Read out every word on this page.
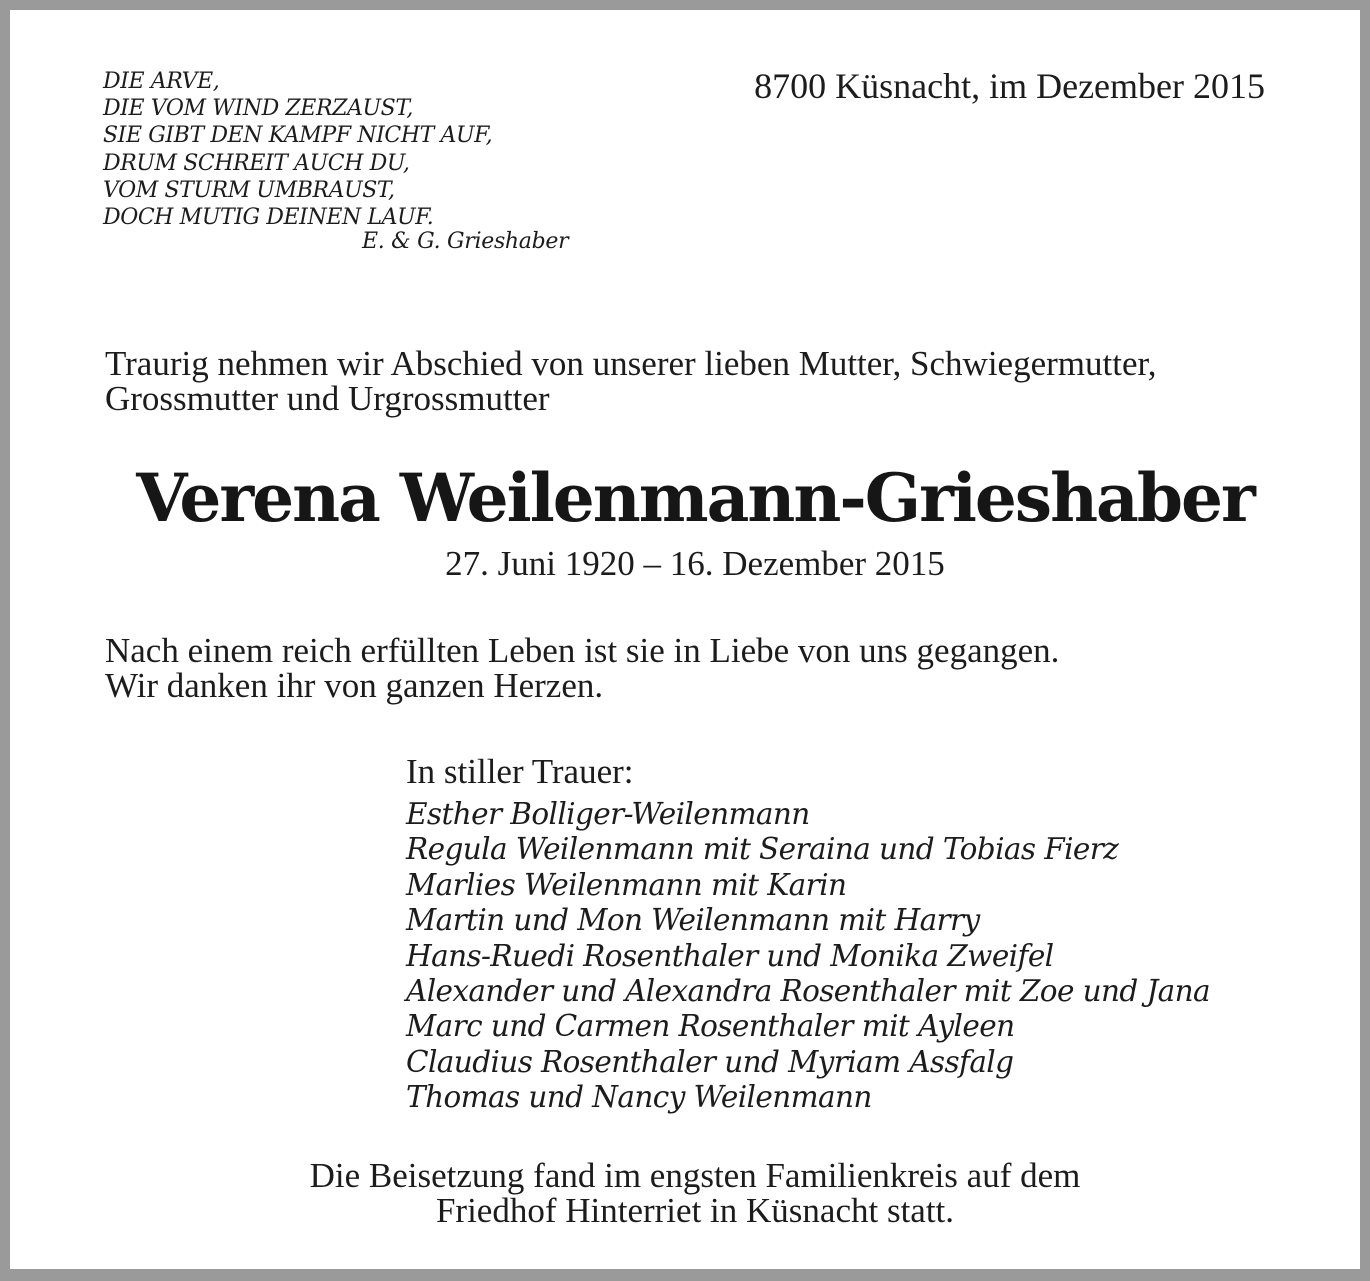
DIE ARVE,
DIE VOM WIND ZERZAUST,
SIE GIBT DEN KAMPF NICHT AUF,
DRUM SCHREIT AUCH DU,
VOM STURM UMBRAUST,
DOCH MUTIG DEINEN LAUF.
E. & G. Grieshaber
8700 Küsnacht, im Dezember 2015
Traurig nehmen wir Abschied von unserer lieben Mutter, Schwiegermutter,
Grossmutter und Urgrossmutter
Verena Weilenmann-Grieshaber
27. Juni 1920 – 16. Dezember 2015
Nach einem reich erfüllten Leben ist sie in Liebe von uns gegangen.
Wir danken ihr von ganzen Herzen.
In stiller Trauer:
Esther Bolliger-Weilenmann
Regula Weilenmann mit Seraina und Tobias Fierz
Marlies Weilenmann mit Karin
Martin und Mon Weilenmann mit Harry
Hans-Ruedi Rosenthaler und Monika Zweifel
Alexander und Alexandra Rosenthaler mit Zoe und Jana
Marc und Carmen Rosenthaler mit Ayleen
Claudius Rosenthaler und Myriam Assfalg
Thomas und Nancy Weilenmann
Die Beisetzung fand im engsten Familienkreis auf dem
Friedhof Hinterriet in Küsnacht statt.
